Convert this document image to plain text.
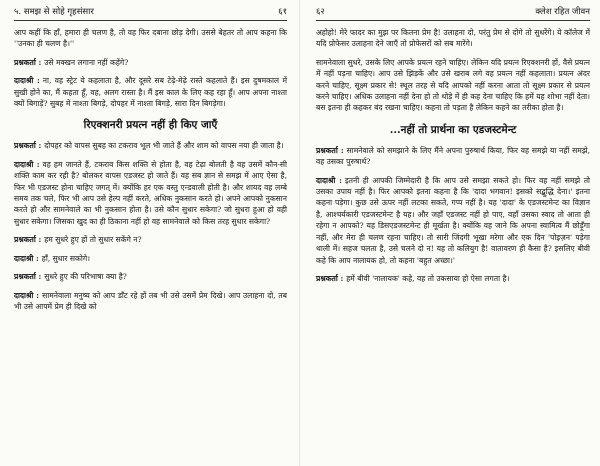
५. समझ से सोहे गृहसंसार	६१

आप कहीं कि हाँ, हमारा ही चलण है, तो वह फिर दबाना छोड़ देगी। उससे बेहतर तो आप कहना कि ''उनका ही चलण है।''

प्रश्नकर्ता : उसे मक्खन लगाना नहीं कहेंगे?

दादाश्री : ना, वह स्ट्रेट ये कहलाता है, और दूसरे सब टेढ़े-मेढ़े रास्ते कहलाते हैं। इस दुषमकाल में सुखी होने का, मैं कहता हूँ, वह, अलग रास्ता है। मैं इस काल के लिए कह रहा हूँ। आप अपना नाश्ता क्यों बिगाड़ें? सुबह में नाश्ता बिगड़े, दोपहर में नाश्ता बिगड़े, सारा दिन बिगड़ेगा।

रिएक्शनरी प्रयत्न नहीं ही किए जाएँ

प्रश्नकर्ता : दोपहर को वापस सुबह का टकराव भूल भी जाते हैं और शाम को वापस नया ही जाता है।

दादाश्री : वह हम जानते हैं, टकराव किस शक्ति से होता है, वह टेढ़ा बोलती है वह उसमें कौन-सी शक्ति काम कर रही है? बोलकर वापस एडजस्ट हो जाते हैं। वह सब ज्ञान से समझ में आए ऐसा है, फिर भी एडजस्ट होना चाहिए जगत् में। क्योंकि हर एक वस्तु एन्डवाली होती है। और शायद वह लम्बे समय तक चले, फिर भी आप उसे हेल्प नहीं करते, अधिक नुकसान करते हो। अपने आपको नुकसान करते हो और सामनेवाले का भी नुकसान होता है। उसे कौन सुधार सकेगा? जो सुधरा हुआ हो वही सुधार सकेगा। जिसका खुद का ही ठिकाना नहीं हो वह सामनेवाले को किस तरह सुधार सकेगा?

प्रश्नकर्ता : हम सुधरे हुए हों तो सुधार सकेंगे न?

दादाश्री : हाँ, सुधार सकोगे।

प्रश्नकर्ता : सुधरे हुए की परिभाषा क्या है?

दादाश्री : सामनेवाला मनुष्य को आप डाँट रहे हों तब भी उसे उसमें प्रेम दिखे। आप उलाहना दो, तब भी उसे आपमें प्रेम ही दिखे को

६२	क्लेश रहित जीवन

अहोहो! मेरे फादर का मुझ पर कितना प्रेम है! उलाहना दो, परंतु प्रेम से दोगे तो सुधरेंगे। ये कॉलेज में यदि प्रोफेसर उलाहना देने जाएँ तो प्रोफेसरों को सब मारेंगे।

सामनेवाला सुधरे, उसके लिए आपके प्रयत्न रहने चाहिए। लेकिन यदि प्रयत्न रिएक्शनरी हों, वैसे प्रयत्न में नहीं पड़ना चाहिए। आप उसे झिड़कें और उसे खराब लगे वह प्रयत्न नहीं कहलाता। प्रयत्न अंदर करने चाहिए, सूक्ष्म प्रकार से! स्थूल तरह से यदि आपको नहीं करना आता तो सूक्ष्म प्रकार से प्रयत्न करने चाहिए। अधिक उलाहना नहीं देना हो तो थोड़े में ही कह देना चाहिए कि हमें यह शोभा नहीं देता। बस इतना ही कहकर बंद रखना चाहिए। कहना तो पड़ता है लेकिन कहने का तरीका होता है।

...नहीं तो प्रार्थना का एडजस्टमेन्ट

प्रश्नकर्ता : सामनेवाले को समझाने के लिए मैंने अपना पुरुषार्थ किया, फिर वह समझे या नहीं समझे, वह उसका पुरुषार्थ?

दादाश्री : इतनी ही आपकी जिम्मेदारी है कि आप उसे समझा सकते हो। फिर वह नहीं समझे तो उसका उपाय नहीं है। फिर आपको इतना कहना है कि 'दादा भगवान! इसको सद्बुद्धि देना।' इतना कहना पड़ेगा। कुछ उसे ऊपर नहीं लटका सकते, गप्प नहीं है। यह 'दादा' के एडजस्टमेन्ट का विज्ञान है, आश्चर्यकारी एडजस्टमेन्ट है यह। और जहाँ एडजस्ट नहीं हो पाए, वहाँ उसका स्वाद तो आता ही रहेगा न आपको? यह डिसएडजस्टमेन्ट ही मूर्खता है। क्योंकि वह जाने कि अपना स्वामित्व मैं छोड़ूँगा नहीं, और मेरा ही चलण रहना चाहिए। तो सारी जिंदगी भूखा मरेगा और एक दिन 'पोइज़न' पड़ेगा थाली में। सहज चलता है, उसे चलने दो न! यह तो कलियुग है! वातावरण ही कैसा है? इसलिए बीवी कहे कि आप नालायक हो, तो कहना 'बहुत अच्छा।'

प्रश्नकर्ता : हमें बीवी 'नालायक' कहे, वह तो उकसाया हो ऐसा लगता है।
